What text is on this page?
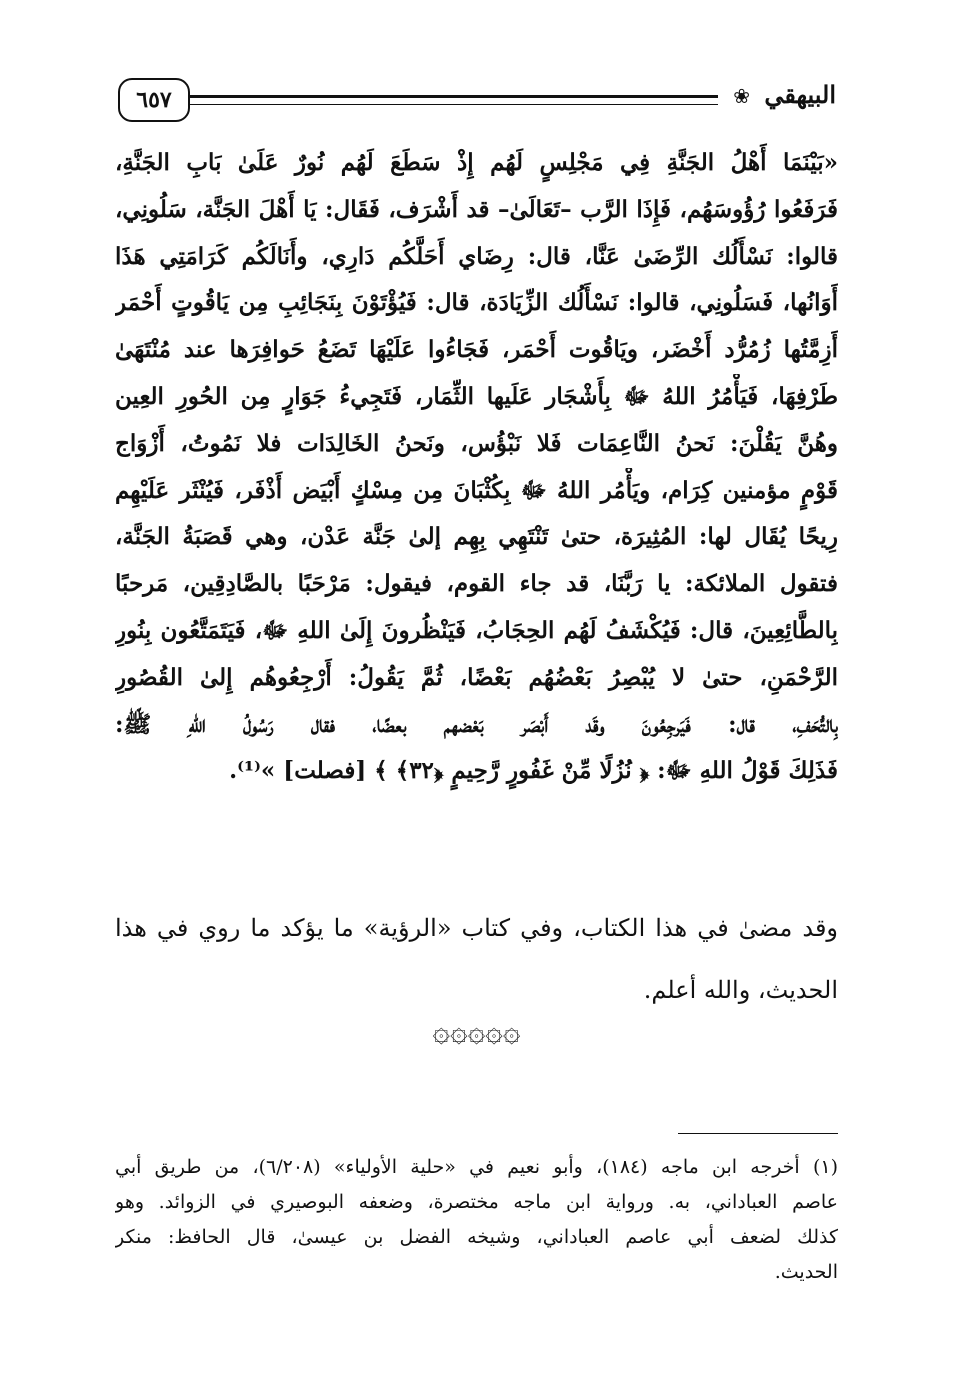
٦٥٧	❀ البيهقي
«بَيْنَمَا أَهْلُ الجَنَّةِ فِي مَجْلِسٍ لَهُم إِذْ سَطَعَ لَهُم نُورٌ عَلَىٰ بَابِ الجَنَّةِ،
فَرَفَعُوا رُؤُوسَهُم، فَإِذَا الرَّب –تَعَالَىٰ– قد أَشْرَف، فَقَال: يَا أَهْلَ الجَنَّة، سَلُونِي،
قالوا: نَسْأَلُك الرِّضَىٰ عَنَّا، قال: رِضَاي أَحَلَّكُم دَارِي، وأَنَالَكُم كَرَامَتِي هَذَا
أَوَانُها، فَسَلُونِي، قالوا: نَسْأَلُك الزِّيَادَة، قال: فَيُؤْتَوْنَ بِنَجَائِبِ مِن يَاقُوتٍ أَحْمَر
أَزِمَّتُها زُمُرُّد أَخْضَر، ويَاقُوت أَحْمَر، فَجَاءُوا عَلَيْهَا تَضَعُ حَوافِرَها عند مُنْتَهَىٰ
طَرْفِهَا، فَيَأْمُرُ اللهُ ﷻ بِأَشْجَار عَلَيها الثِّمَار، فَتَجِيءُ جَوَارٍ مِن الحُورِ العِين
وهُنَّ يَقُلْنَ: نَحنُ النَّاعِمَات فَلا نَبْؤُس، ونَحنُ الخَالِدَات فلا نَمُوتُ، أَزْوَاج
قَوْمٍ مؤمنين كِرَام، ويَأْمُر اللهُ ﷻ بِكُثْبَانَ مِن مِسْكٍ أَبْيَض أَذْفَر، فَيُنْثَر عَلَيْهِم
رِيحًا يُقَال لها: المُثِيرَة، حتىٰ تَنْتَهِي بِهِم إلىٰ جَنَّة عَدْن، وهي قَصَبَةُ الجَنَّة،
فتقول الملائكة: يا رَبَّنَا، قد جاء القوم، فيقول: مَرْحَبًا بالصَّادِقِين، مَرحبًا
بِالطَّائِعِينَ، قال: فَيُكْشَفُ لَهُم الحِجَابُ، فَيَنْظُرونَ إِلَىٰ اللهِ ﷻ، فَيَتَمَتَّعُون بِنُورِ
الرَّحْمَنِ، حتىٰ لا يُبْصِرُ بَعْضُهُم بَعْضًا، ثُمَّ يَقُولُ: أَرْجِعُوهُم إِلىٰ القُصُورِ
بِالتُّحَفِ، قال: فَيَرجِعُونَ وقَد أَبْصَر بَعْضهم بعضًا، فقال رَسُولُ اللهِ ﷺ:
فَذَلِكَ قَوْلُ اللهِ ﷻ: ﴿ نُزُلًا مِّنْ غَفُورٍ رَّحِيمٍ ﴿٣٢﴾ ﴾ [فصلت] »⁽¹⁾.
وقد مضىٰ في هذا الكتاب، وفي كتاب «الرؤية» ما يؤكد ما روي في هذا
الحديث، والله أعلم.
۞۞۞۞۞
(١) أخرجه ابن ماجه (١٨٤)، وأبو نعيم في «حلية الأولياء» (٦/٢٠٨)، من طريق أبي
عاصم العباداني، به. ورواية ابن ماجه مختصرة، وضعفه البوصيري في الزوائد. وهو
كذلك لضعف أبي عاصم العباداني، وشيخه الفضل بن عيسىٰ، قال الحافظ: منكر
الحديث.
